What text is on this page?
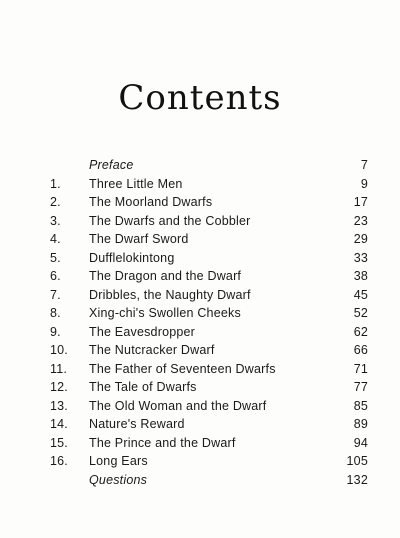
Contents
Preface	7
1.	Three Little Men	9
2.	The Moorland Dwarfs	17
3.	The Dwarfs and the Cobbler	23
4.	The Dwarf Sword	29
5.	Dufflelokintong	33
6.	The Dragon and the Dwarf	38
7.	Dribbles, the Naughty Dwarf	45
8.	Xing-chi's Swollen Cheeks	52
9.	The Eavesdropper	62
10.	The Nutcracker Dwarf	66
11.	The Father of Seventeen Dwarfs	71
12.	The Tale of Dwarfs	77
13.	The Old Woman and the Dwarf	85
14.	Nature's Reward	89
15.	The Prince and the Dwarf	94
16.	Long Ears	105
Questions	132
